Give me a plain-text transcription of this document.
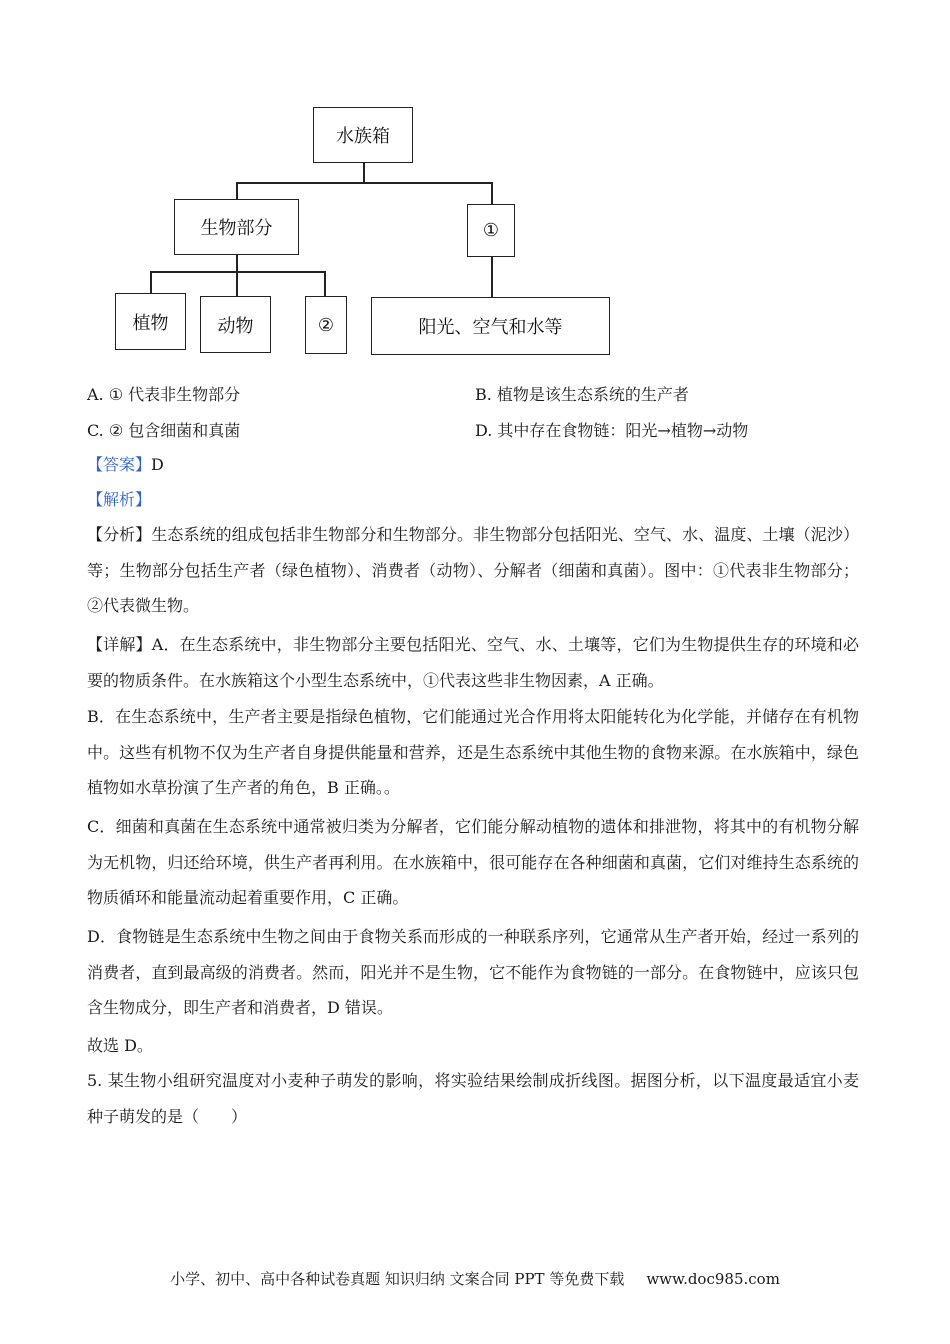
水族箱
生物部分	①
植物	动物	②	阳光、空气和水等

A. ① 代表非生物部分	B. 植物是该生态系统的生产者

C. ② 包含细菌和真菌	D. 其中存在食物链：阳光→植物→动物

【答案】D

【解析】

【分析】生态系统的组成包括非生物部分和生物部分。非生物部分包括阳光、空气、水、温度、土壤（泥沙）等；生物部分包括生产者（绿色植物）、消费者（动物）、分解者（细菌和真菌）。图中：①代表非生物部分；②代表微生物。

【详解】A．在生态系统中，非生物部分主要包括阳光、空气、水、土壤等，它们为生物提供生存的环境和必要的物质条件。在水族箱这个小型生态系统中，①代表这些非生物因素，A 正确。

B．在生态系统中，生产者主要是指绿色植物，它们能通过光合作用将太阳能转化为化学能，并储存在有机物中。这些有机物不仅为生产者自身提供能量和营养，还是生态系统中其他生物的食物来源。在水族箱中，绿色植物如水草扮演了生产者的角色，B 正确。。

C．细菌和真菌在生态系统中通常被归类为分解者，它们能分解动植物的遗体和排泄物，将其中的有机物分解为无机物，归还给环境，供生产者再利用。在水族箱中，很可能存在各种细菌和真菌，它们对维持生态系统的物质循环和能量流动起着重要作用，C 正确。

D．食物链是生态系统中生物之间由于食物关系而形成的一种联系序列，它通常从生产者开始，经过一系列的消费者，直到最高级的消费者。然而，阳光并不是生物，它不能作为食物链的一部分。在食物链中，应该只包含生物成分，即生产者和消费者，D 错误。

故选 D。

5. 某生物小组研究温度对小麦种子萌发的影响，将实验结果绘制成折线图。据图分析，以下温度最适宜小麦种子萌发的是（　　）

小学、初中、高中各种试卷真题 知识归纳 文案合同 PPT 等免费下载 www.doc985.com
